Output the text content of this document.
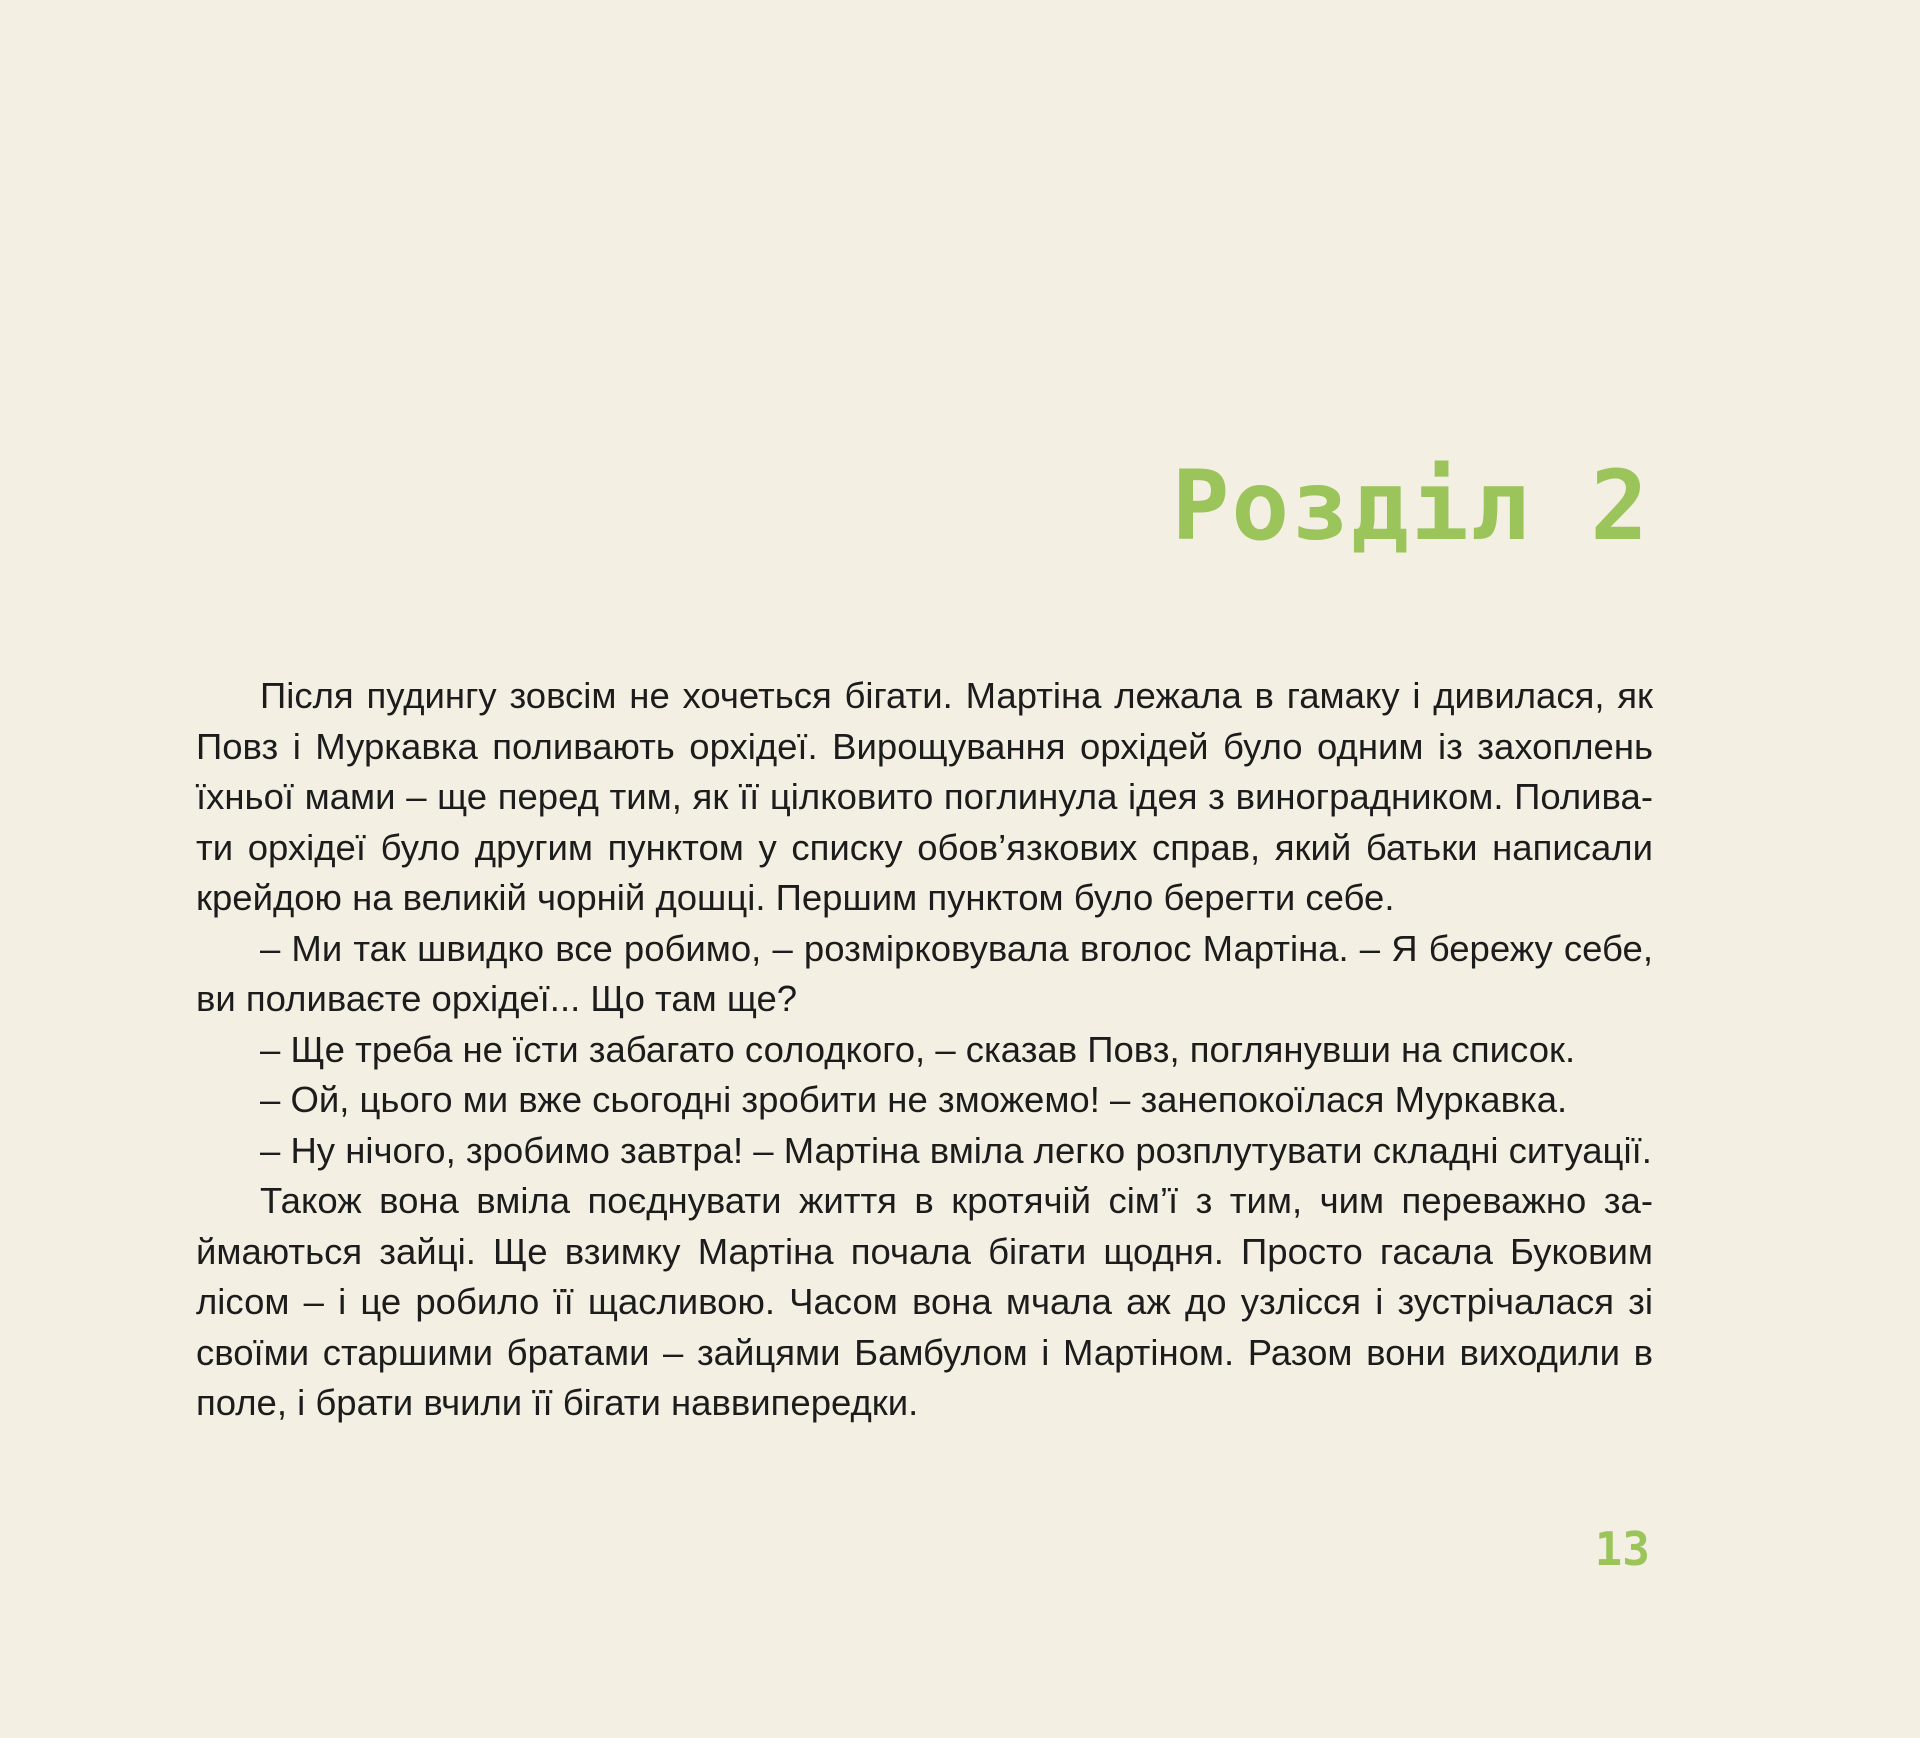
Розділ 2

Після пудингу зовсім не хочеться бігати. Мартіна лежала в гамаку і дивилася, як Повз і Муркавка поливають орхідеї. Вирощування орхідей було одним із захоплень їхньої мами – ще перед тим, як її цілковито поглинула ідея з виноградником. Поливати орхідеї було другим пунктом у списку обов’язкових справ, який батьки написали крейдою на великій чорній дошці. Першим пунктом було берегти себе.

– Ми так швидко все робимо, – розмірковувала вголос Мартіна. – Я бережу себе, ви поливаєте орхідеї... Що там ще?

– Ще треба не їсти забагато солодкого, – сказав Повз, поглянувши на список.

– Ой, цього ми вже сьогодні зробити не зможемо! – занепокоїлася Муркавка.

– Ну нічого, зробимо завтра! – Мартіна вміла легко розплутувати складні ситуації.

Також вона вміла поєднувати життя в кротячій сім’ї з тим, чим переважно займаються зайці. Ще взимку Мартіна почала бігати щодня. Просто гасала Буковим лісом – і це робило її щасливою. Часом вона мчала аж до узлісся і зустрічалася зі своїми старшими братами – зайцями Бамбулом і Мартіном. Разом вони виходили в поле, і брати вчили її бігати наввипередки.

13
